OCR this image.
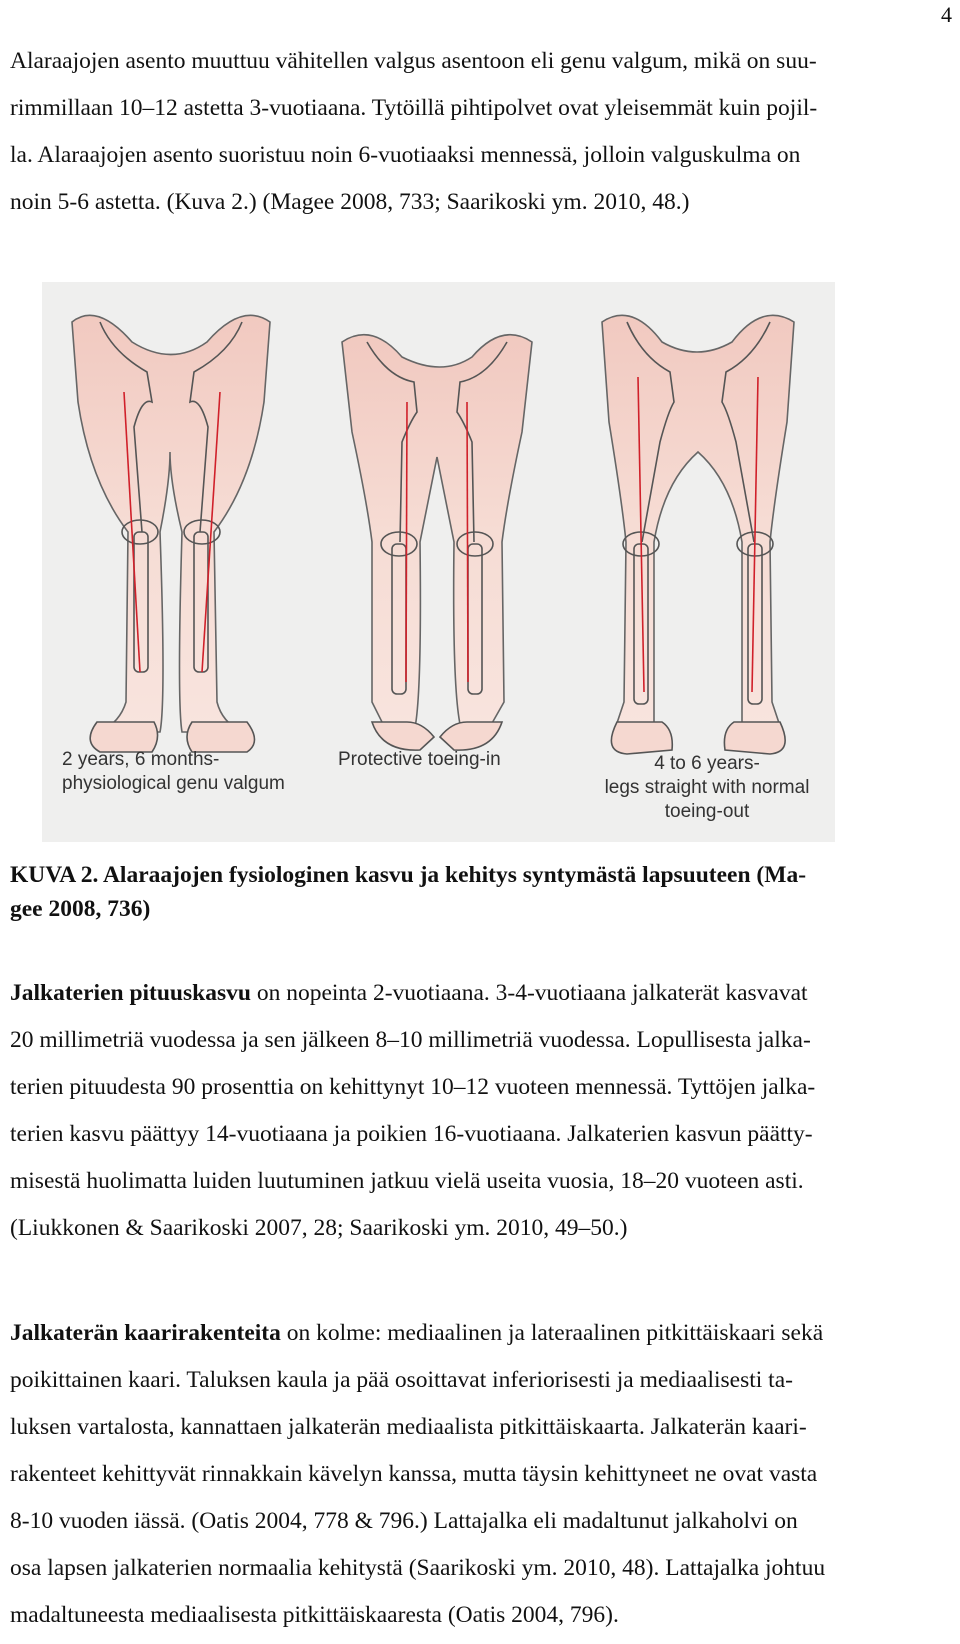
4

Alaraajojen asento muuttuu vähitellen valgus asentoon eli genu valgum, mikä on suu-
rimmillaan 10–12 astetta 3-vuotiaana. Tytöillä pihtipolvet ovat yleisemmät kuin pojil-
la. Alaraajojen asento suoristuu noin 6-vuotiaaksi mennessä, jolloin valguskulma on
noin 5-6 astetta. (Kuva 2.) (Magee 2008, 733; Saarikoski ym. 2010, 48.)

2 years, 6 months-
physiological genu valgum
Protective toeing-in	4 to 6 years-
legs straight with normal
toeing-out

KUVA 2. Alaraajojen fysiologinen kasvu ja kehitys syntymästä lapsuuteen (Ma-
gee 2008, 736)

Jalkaterien pituuskasvu on nopeinta 2-vuotiaana. 3-4-vuotiaana jalkaterät kasvavat
20 millimetriä vuodessa ja sen jälkeen 8–10 millimetriä vuodessa. Lopullisesta jalka-
terien pituudesta 90 prosenttia on kehittynyt 10–12 vuoteen mennessä. Tyttöjen jalka-
terien kasvu päättyy 14-vuotiaana ja poikien 16-vuotiaana. Jalkaterien kasvun päätty-
misestä huolimatta luiden luutuminen jatkuu vielä useita vuosia, 18–20 vuoteen asti.
(Liukkonen & Saarikoski 2007, 28; Saarikoski ym. 2010, 49–50.)

Jalkaterän kaarirakenteita on kolme: mediaalinen ja lateraalinen pitkittäiskaari sekä
poikittainen kaari. Taluksen kaula ja pää osoittavat inferiorisesti ja mediaalisesti ta-
luksen vartalosta, kannattaen jalkaterän mediaalista pitkittäiskaarta. Jalkaterän kaari-
rakenteet kehittyvät rinnakkain kävelyn kanssa, mutta täysin kehittyneet ne ovat vasta
8-10 vuoden iässä. (Oatis 2004, 778 & 796.) Lattajalka eli madaltunut jalkaholvi on
osa lapsen jalkaterien normaalia kehitystä (Saarikoski ym. 2010, 48). Lattajalka johtuu
madaltuneesta mediaalisesta pitkittäiskaaresta (Oatis 2004, 796).
